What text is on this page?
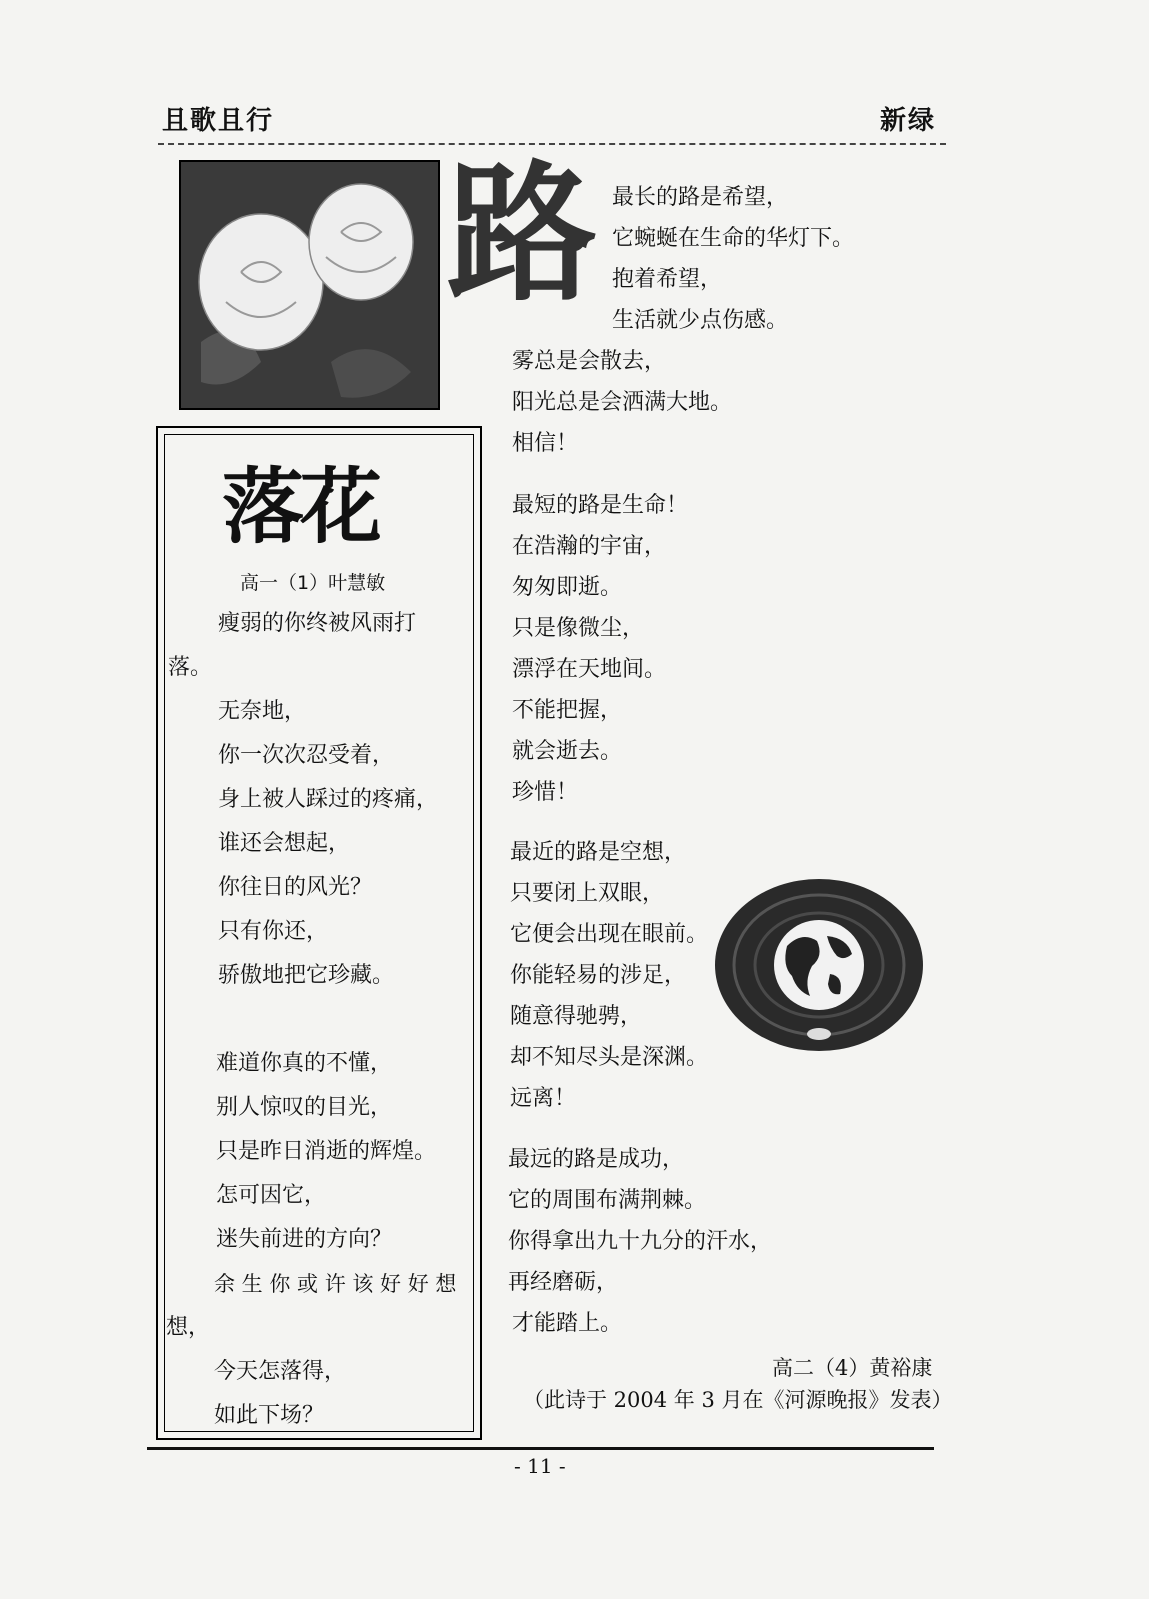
且歌且行	新绿
路 最长的路是希望，
它蜿蜒在生命的华灯下。
抱着希望，
生活就少点伤感。
雾总是会散去，
阳光总是会洒满大地。
相信！
最短的路是生命！
在浩瀚的宇宙，
匆匆即逝。
只是像微尘，
漂浮在天地间。
不能把握，
就会逝去。
珍惜！
最近的路是空想，
只要闭上双眼，
它便会出现在眼前。
你能轻易的涉足，
随意得驰骋，
却不知尽头是深渊。
远离！
最远的路是成功，
它的周围布满荆棘。
你得拿出九十九分的汗水，
再经磨砺，
才能踏上。
高二（4）黄裕康
（此诗于 2004 年 3 月在《河源晚报》发表）
落花
高一（1）叶慧敏
瘦弱的你终被风雨打
落。
无奈地，
你一次次忍受着，
身上被人踩过的疼痛，
谁还会想起，
你往日的风光？
只有你还，
骄傲地把它珍藏。
难道你真的不懂，
别人惊叹的目光，
只是昨日消逝的辉煌。
怎可因它，
迷失前进的方向？
余 生 你 或 许 该 好 好 想
想，
今天怎落得，
如此下场？
- 11 -
